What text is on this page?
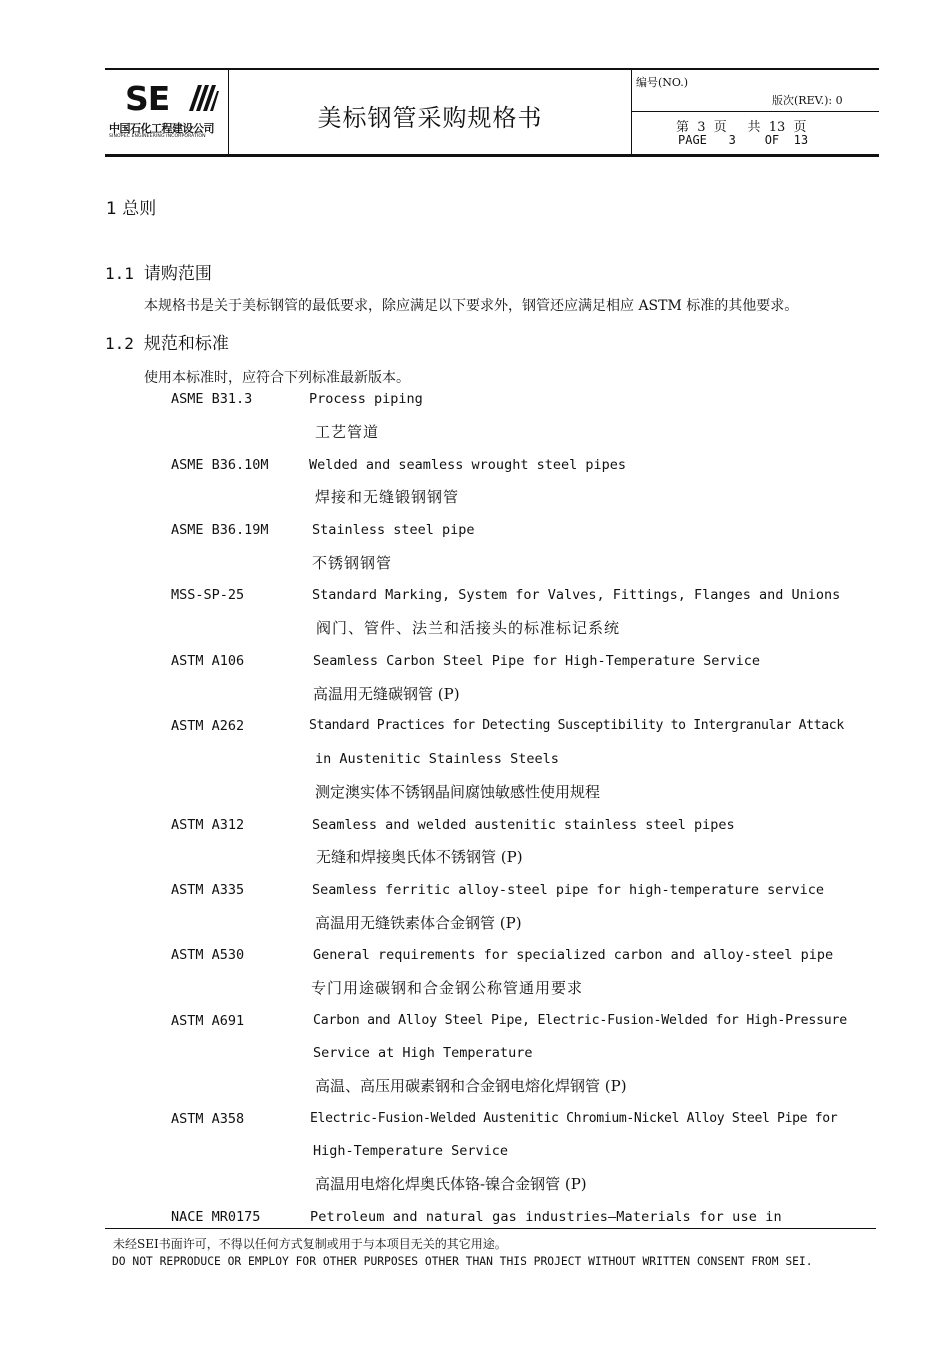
SE
中国石化工程建设公司
SINOPEC ENGINEERING INCORPORATION
美标钢管采购规格书
编号(NO.)
版次(REV.): 0
第  3  页     共  13  页
PAGE   3    OF  13
1 总则
1.1 请购范围
本规格书是关于美标钢管的最低要求，除应满足以下要求外，钢管还应满足相应 ASTM 标准的其他要求。
1.2 规范和标准
使用本标准时，应符合下列标准最新版本。
ASME B31.3	Process piping
工艺管道
ASME B36.10M	Welded and seamless wrought steel pipes
焊接和无缝锻钢钢管
ASME B36.19M	Stainless steel pipe
不锈钢钢管
MSS-SP-25	Standard Marking, System for Valves, Fittings, Flanges and Unions
阀门、管件、法兰和活接头的标准标记系统
ASTM A106	Seamless Carbon Steel Pipe for High-Temperature Service
高温用无缝碳钢管 (P)
ASTM A262	Standard Practices for Detecting Susceptibility to Intergranular Attack
in Austenitic Stainless Steels
测定澳实体不锈钢晶间腐蚀敏感性使用规程
ASTM A312	Seamless and welded austenitic stainless steel pipes
无缝和焊接奥氏体不锈钢管 (P)
ASTM A335	Seamless ferritic alloy-steel pipe for high-temperature service
高温用无缝铁素体合金钢管 (P)
ASTM A530	General requirements for specialized carbon and alloy-steel pipe
专门用途碳钢和合金钢公称管通用要求
ASTM A691	Carbon and Alloy Steel Pipe, Electric-Fusion-Welded for High-Pressure
Service at High Temperature
高温、高压用碳素钢和合金钢电熔化焊钢管 (P)
ASTM A358	Electric-Fusion-Welded Austenitic Chromium-Nickel Alloy Steel Pipe for
High-Temperature Service
高温用电熔化焊奥氏体铬-镍合金钢管 (P)
NACE MR0175	Petroleum and natural gas industries—Materials for use in
未经SEI书面许可，不得以任何方式复制或用于与本项目无关的其它用途。
DO NOT REPRODUCE OR EMPLOY FOR OTHER PURPOSES OTHER THAN THIS PROJECT WITHOUT WRITTEN CONSENT FROM SEI.
